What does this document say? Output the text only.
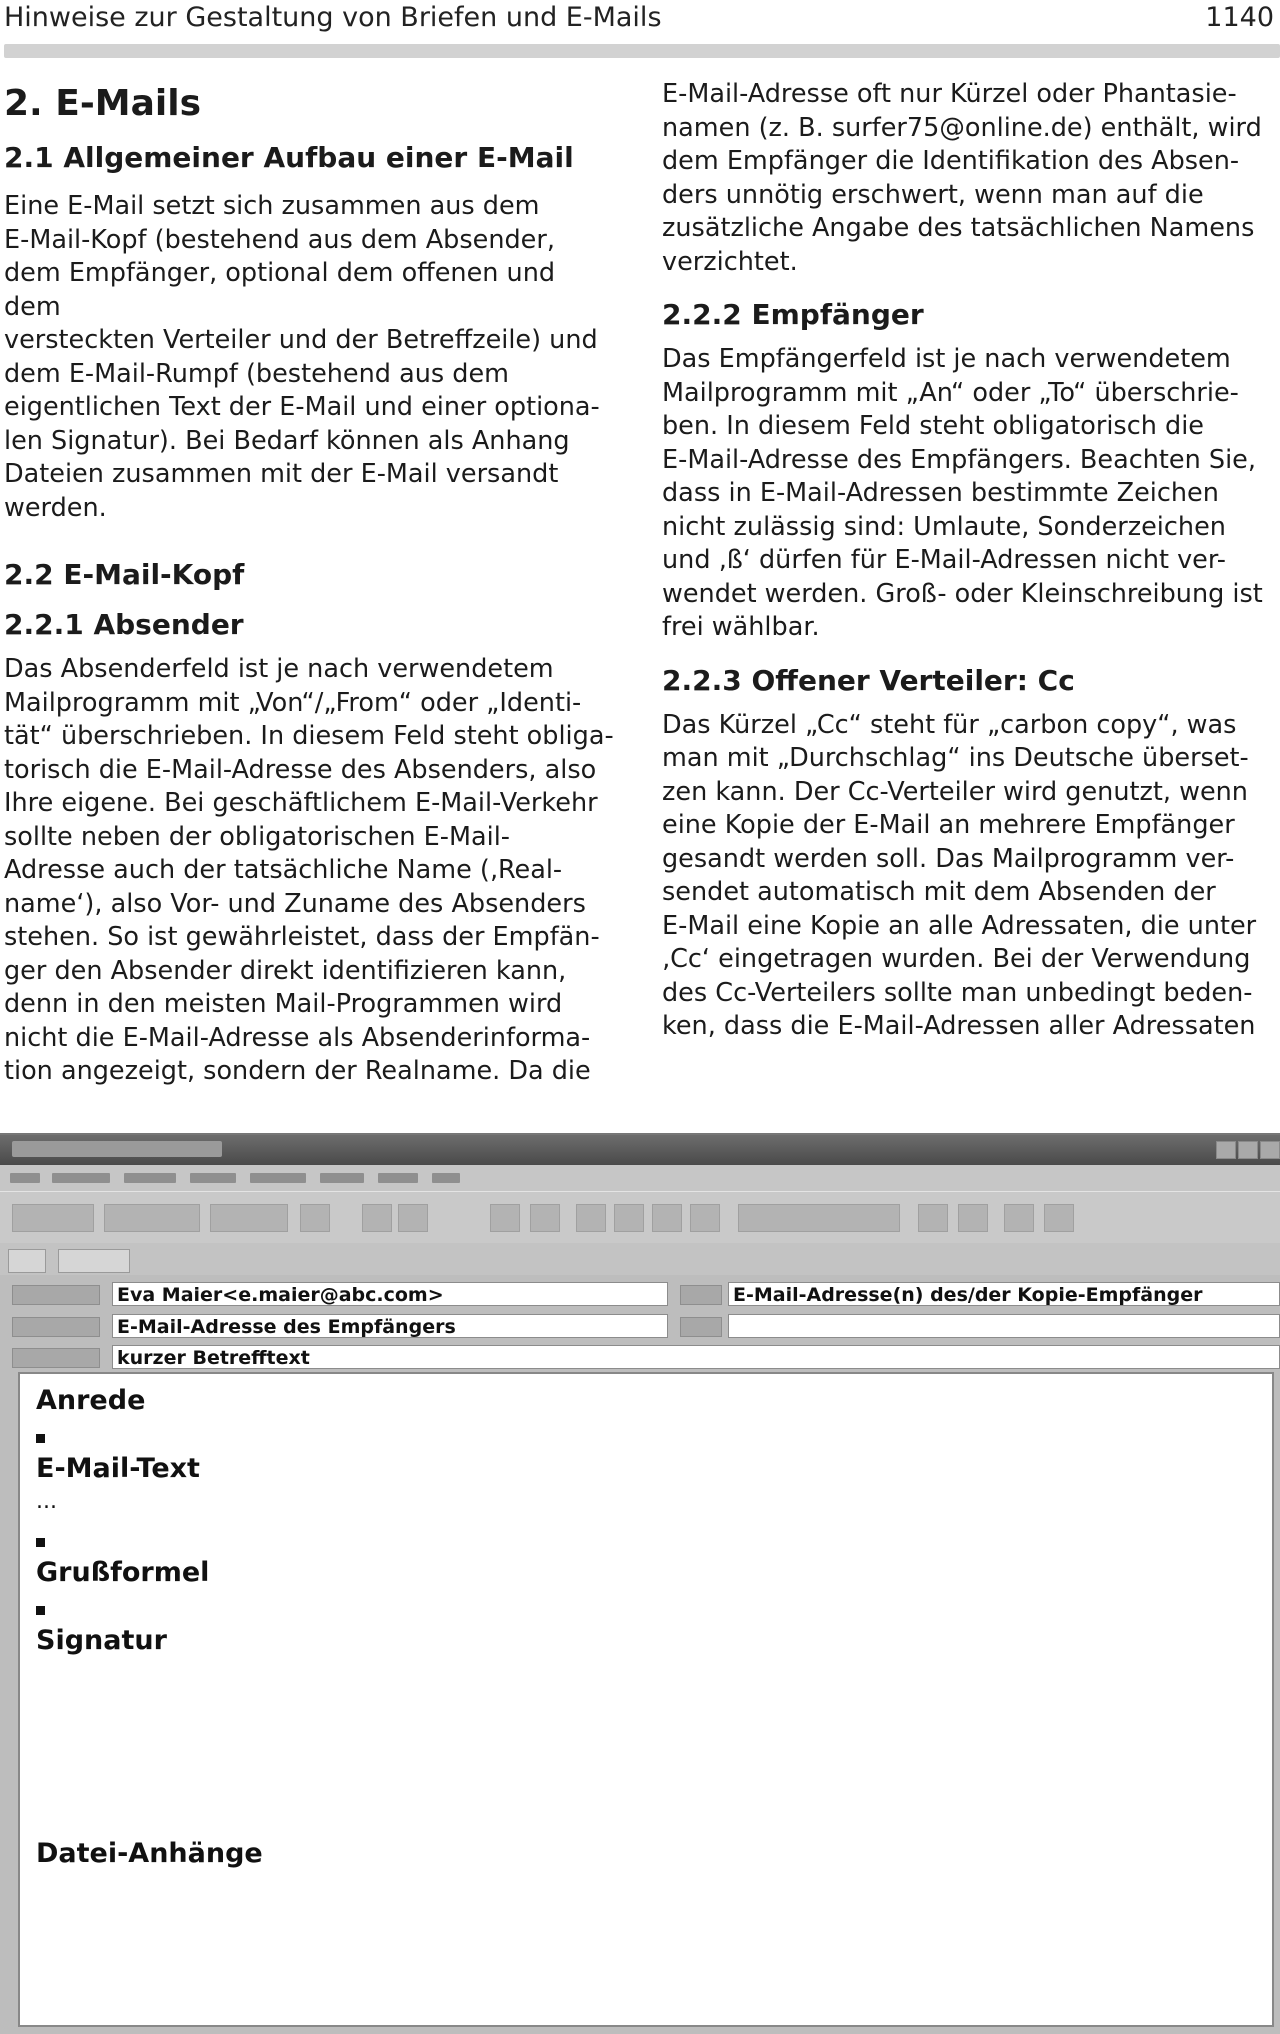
Hinweise zur Gestaltung von Briefen und E-Mails	1140
2. E-Mails
2.1 Allgemeiner Aufbau einer E-Mail

Eine E-Mail setzt sich zusammen aus dem

E-Mail-Kopf (bestehend aus dem Absender,

dem Empfänger, optional dem offenen und dem

versteckten Verteiler und der Betreffzeile) und

dem E-Mail-Rumpf (bestehend aus dem

eigentlichen Text der E-Mail und einer optiona-

len Signatur). Bei Bedarf können als Anhang

Dateien zusammen mit der E-Mail versandt

werden.

2.2 E-Mail-Kopf
2.2.1 Absender

Das Absenderfeld ist je nach verwendetem

Mailprogramm mit „Von“/„From“ oder „Identi-

tät“ überschrieben. In diesem Feld steht obliga-

torisch die E-Mail-Adresse des Absenders, also

Ihre eigene. Bei geschäftlichem E-Mail-Verkehr

sollte neben der obligatorischen E-Mail-

Adresse auch der tatsächliche Name (‚Real-

name‘), also Vor- und Zuname des Absenders

stehen. So ist gewährleistet, dass der Empfän-

ger den Absender direkt identifizieren kann,

denn in den meisten Mail-Programmen wird

nicht die E-Mail-Adresse als Absenderinforma-

tion angezeigt, sondern der Realname. Da die

E-Mail-Adresse oft nur Kürzel oder Phantasie-

namen (z. B. surfer75@online.de) enthält, wird

dem Empfänger die Identifikation des Absen-

ders unnötig erschwert, wenn man auf die

zusätzliche Angabe des tatsächlichen Namens

verzichtet.

2.2.2 Empfänger

Das Empfängerfeld ist je nach verwendetem

Mailprogramm mit „An“ oder „To“ überschrie-

ben. In diesem Feld steht obligatorisch die

E-Mail-Adresse des Empfängers. Beachten Sie,

dass in E-Mail-Adressen bestimmte Zeichen

nicht zulässig sind: Umlaute, Sonderzeichen

und ‚ß‘ dürfen für E-Mail-Adressen nicht ver-

wendet werden. Groß- oder Kleinschreibung ist

frei wählbar.

2.2.3 Offener Verteiler: Cc

Das Kürzel „Cc“ steht für „carbon copy“, was

man mit „Durchschlag“ ins Deutsche überset-

zen kann. Der Cc-Verteiler wird genutzt, wenn

eine Kopie der E-Mail an mehrere Empfänger

gesandt werden soll. Das Mailprogramm ver-

sendet automatisch mit dem Absenden der

E-Mail eine Kopie an alle Adressaten, die unter

‚Cc‘ eingetragen wurden. Bei der Verwendung

des Cc-Verteilers sollte man unbedingt beden-

ken, dass die E-Mail-Adressen aller Adressaten

Eva Maier<e.maier@abc.com>	E-Mail-Adresse(n) des/der Kopie-Empfänger
E-Mail-Adresse des Empfängers
kurzer Betrefftext
Anrede
E-Mail-Text
...
Grußformel
Signatur
Datei-Anhänge
